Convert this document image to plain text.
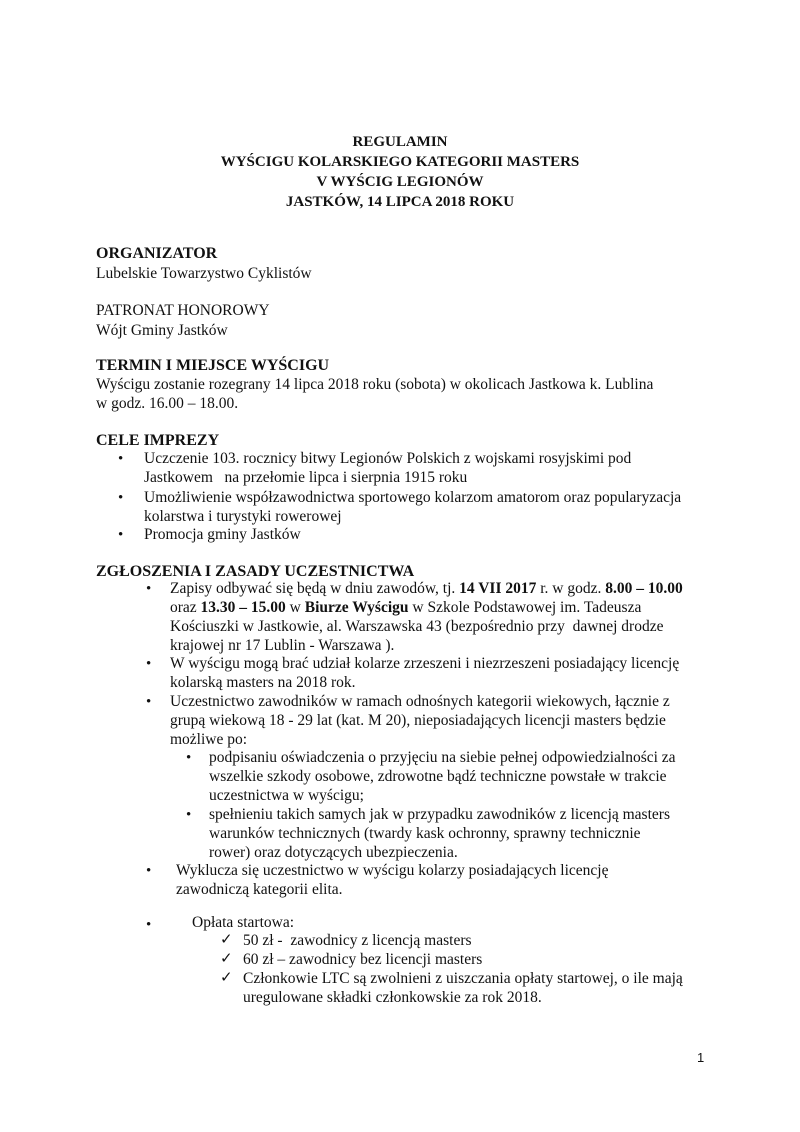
REGULAMIN
WYŚCIGU KOLARSKIEGO KATEGORII MASTERS
V WYŚCIG LEGIONÓW
JASTKÓW, 14 LIPCA 2018 ROKU
ORGANIZATOR
Lubelskie Towarzystwo Cyklistów
PATRONAT HONOROWY
Wójt Gminy Jastków
TERMIN I MIEJSCE WYŚCIGU
Wyścigu zostanie rozegrany 14 lipca 2018 roku (sobota) w okolicach Jastkowa k. Lublina
w godz. 16.00 – 18.00.
CELE IMPREZY
• Uczczenie 103. rocznicy bitwy Legionów Polskich z wojskami rosyjskimi pod
Jastkowem   na przełomie lipca i sierpnia 1915 roku
• Umożliwienie współzawodnictwa sportowego kolarzom amatorom oraz popularyzacja
kolarstwa i turystyki rowerowej
• Promocja gminy Jastków
ZGŁOSZENIA I ZASADY UCZESTNICTWA
• Zapisy odbywać się będą w dniu zawodów, tj. 14 VII 2017 r. w godz. 8.00 – 10.00
oraz 13.30 – 15.00 w Biurze Wyścigu w Szkole Podstawowej im. Tadeusza
Kościuszki w Jastkowie, al. Warszawska 43 (bezpośrednio przy  dawnej drodze
krajowej nr 17 Lublin - Warszawa ).
• W wyścigu mogą brać udział kolarze zrzeszeni i niezrzeszeni posiadający licencję
kolarską masters na 2018 rok.
• Uczestnictwo zawodników w ramach odnośnych kategorii wiekowych, łącznie z
grupą wiekową 18 - 29 lat (kat. M 20), nieposiadających licencji masters będzie
możliwe po:
• podpisaniu oświadczenia o przyjęciu na siebie pełnej odpowiedzialności za
wszelkie szkody osobowe, zdrowotne bądź techniczne powstałe w trakcie
uczestnictwa w wyścigu;
• spełnieniu takich samych jak w przypadku zawodników z licencją masters
warunków technicznych (twardy kask ochronny, sprawny technicznie
rower) oraz dotyczących ubezpieczenia.
• Wyklucza się uczestnictwo w wyścigu kolarzy posiadających licencję
zawodniczą kategorii elita.
•	Opłata startowa:
✓ 50 zł -  zawodnicy z licencją masters
✓ 60 zł – zawodnicy bez licencji masters
✓ Członkowie LTC są zwolnieni z uiszczania opłaty startowej, o ile mają
uregulowane składki członkowskie za rok 2018.
1
